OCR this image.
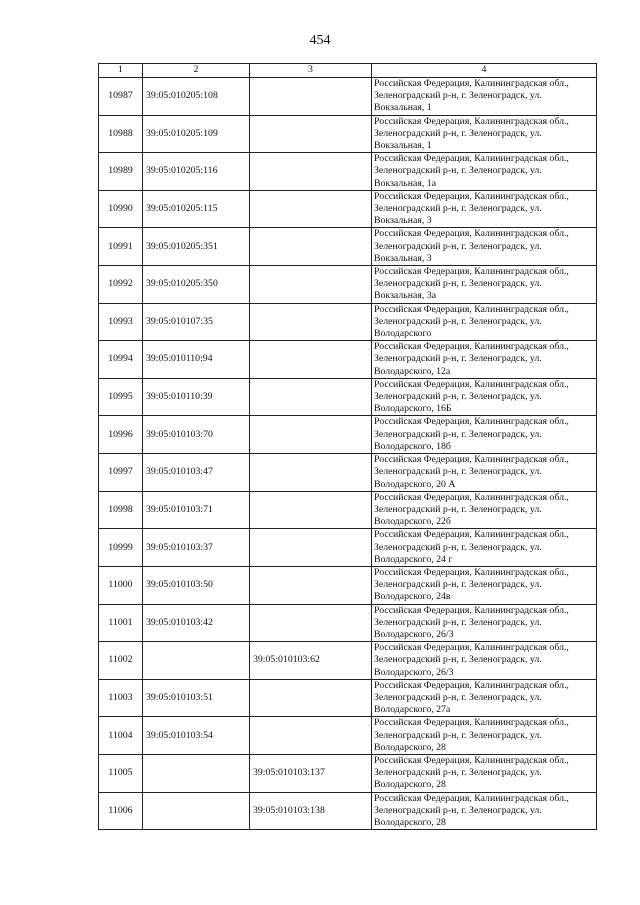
454
1	2	3	4
10987	39:05:010205:108		Российская Федерация, Калининградская обл.,
Зеленоградский р-н, г. Зеленоградск, ул.
Вокзальная, 1

10988	39:05:010205:109		Российская Федерация, Калининградская обл.,
Зеленоградский р-н, г. Зеленоградск, ул.
Вокзальная, 1

10989	39:05:010205:116		Российская Федерация, Калининградская обл.,
Зеленоградский р-н, г. Зеленоградск, ул.
Вокзальная, 1а

10990	39:05:010205:115		Российская Федерация, Калининградская обл.,
Зеленоградский р-н, г. Зеленоградск, ул.
Вокзальная, 3

10991	39:05:010205:351		Российская Федерация, Калининградская обл.,
Зеленоградский р-н, г. Зеленоградск, ул.
Вокзальная, 3

10992	39:05:010205:350		Российская Федерация, Калининградская обл.,
Зеленоградский р-н, г. Зеленоградск, ул.
Вокзальная, 3а

10993	39:05:010107:35		Российская Федерация, Калининградская обл.,
Зеленоградский р-н, г. Зеленоградск, ул.
Володарского

10994	39:05:010110:94		Российская Федерация, Калининградская обл.,
Зеленоградский р-н, г. Зеленоградск, ул.
Володарского, 12а

10995	39:05:010110:39		Российская Федерация, Калининградская обл.,
Зеленоградский р-н, г. Зеленоградск, ул.
Володарского, 16Б

10996	39:05:010103:70		Российская Федерация, Калининградская обл.,
Зеленоградский р-н, г. Зеленоградск, ул.
Володарского, 18б

10997	39:05:010103:47		Российская Федерация, Калининградская обл.,
Зеленоградский р-н, г. Зеленоградск, ул.
Володарского, 20 А

10998	39:05:010103:71		Российская Федерация, Калининградская обл.,
Зеленоградский р-н, г. Зеленоградск, ул.
Володарского, 22б

10999	39:05:010103:37		Российская Федерация, Калининградская обл.,
Зеленоградский р-н, г. Зеленоградск, ул.
Володарского, 24 г

11000	39:05:010103:50		Российская Федерация, Калининградская обл.,
Зеленоградский р-н, г. Зеленоградск, ул.
Володарского, 24в

11001	39:05:010103:42		Российская Федерация, Калининградская обл.,
Зеленоградский р-н, г. Зеленоградск, ул.
Володарского, 26/3

11002		39:05:010103:62	Российская Федерация, Калининградская обл.,
Зеленоградский р-н, г. Зеленоградск, ул.
Володарского, 26/3

11003	39:05:010103:51		Российская Федерация, Калининградская обл.,
Зеленоградский р-н, г. Зеленоградск, ул.
Володарского, 27а

11004	39:05:010103:54		Российская Федерация, Калининградская обл.,
Зеленоградский р-н, г. Зеленоградск, ул.
Володарского, 28

11005		39:05:010103:137	Российская Федерация, Калининградская обл.,
Зеленоградский р-н, г. Зеленоградск, ул.
Володарского, 28

11006		39:05:010103:138	Российская Федерация, Калининградская обл.,
Зеленоградский р-н, г. Зеленоградск, ул.
Володарского, 28
